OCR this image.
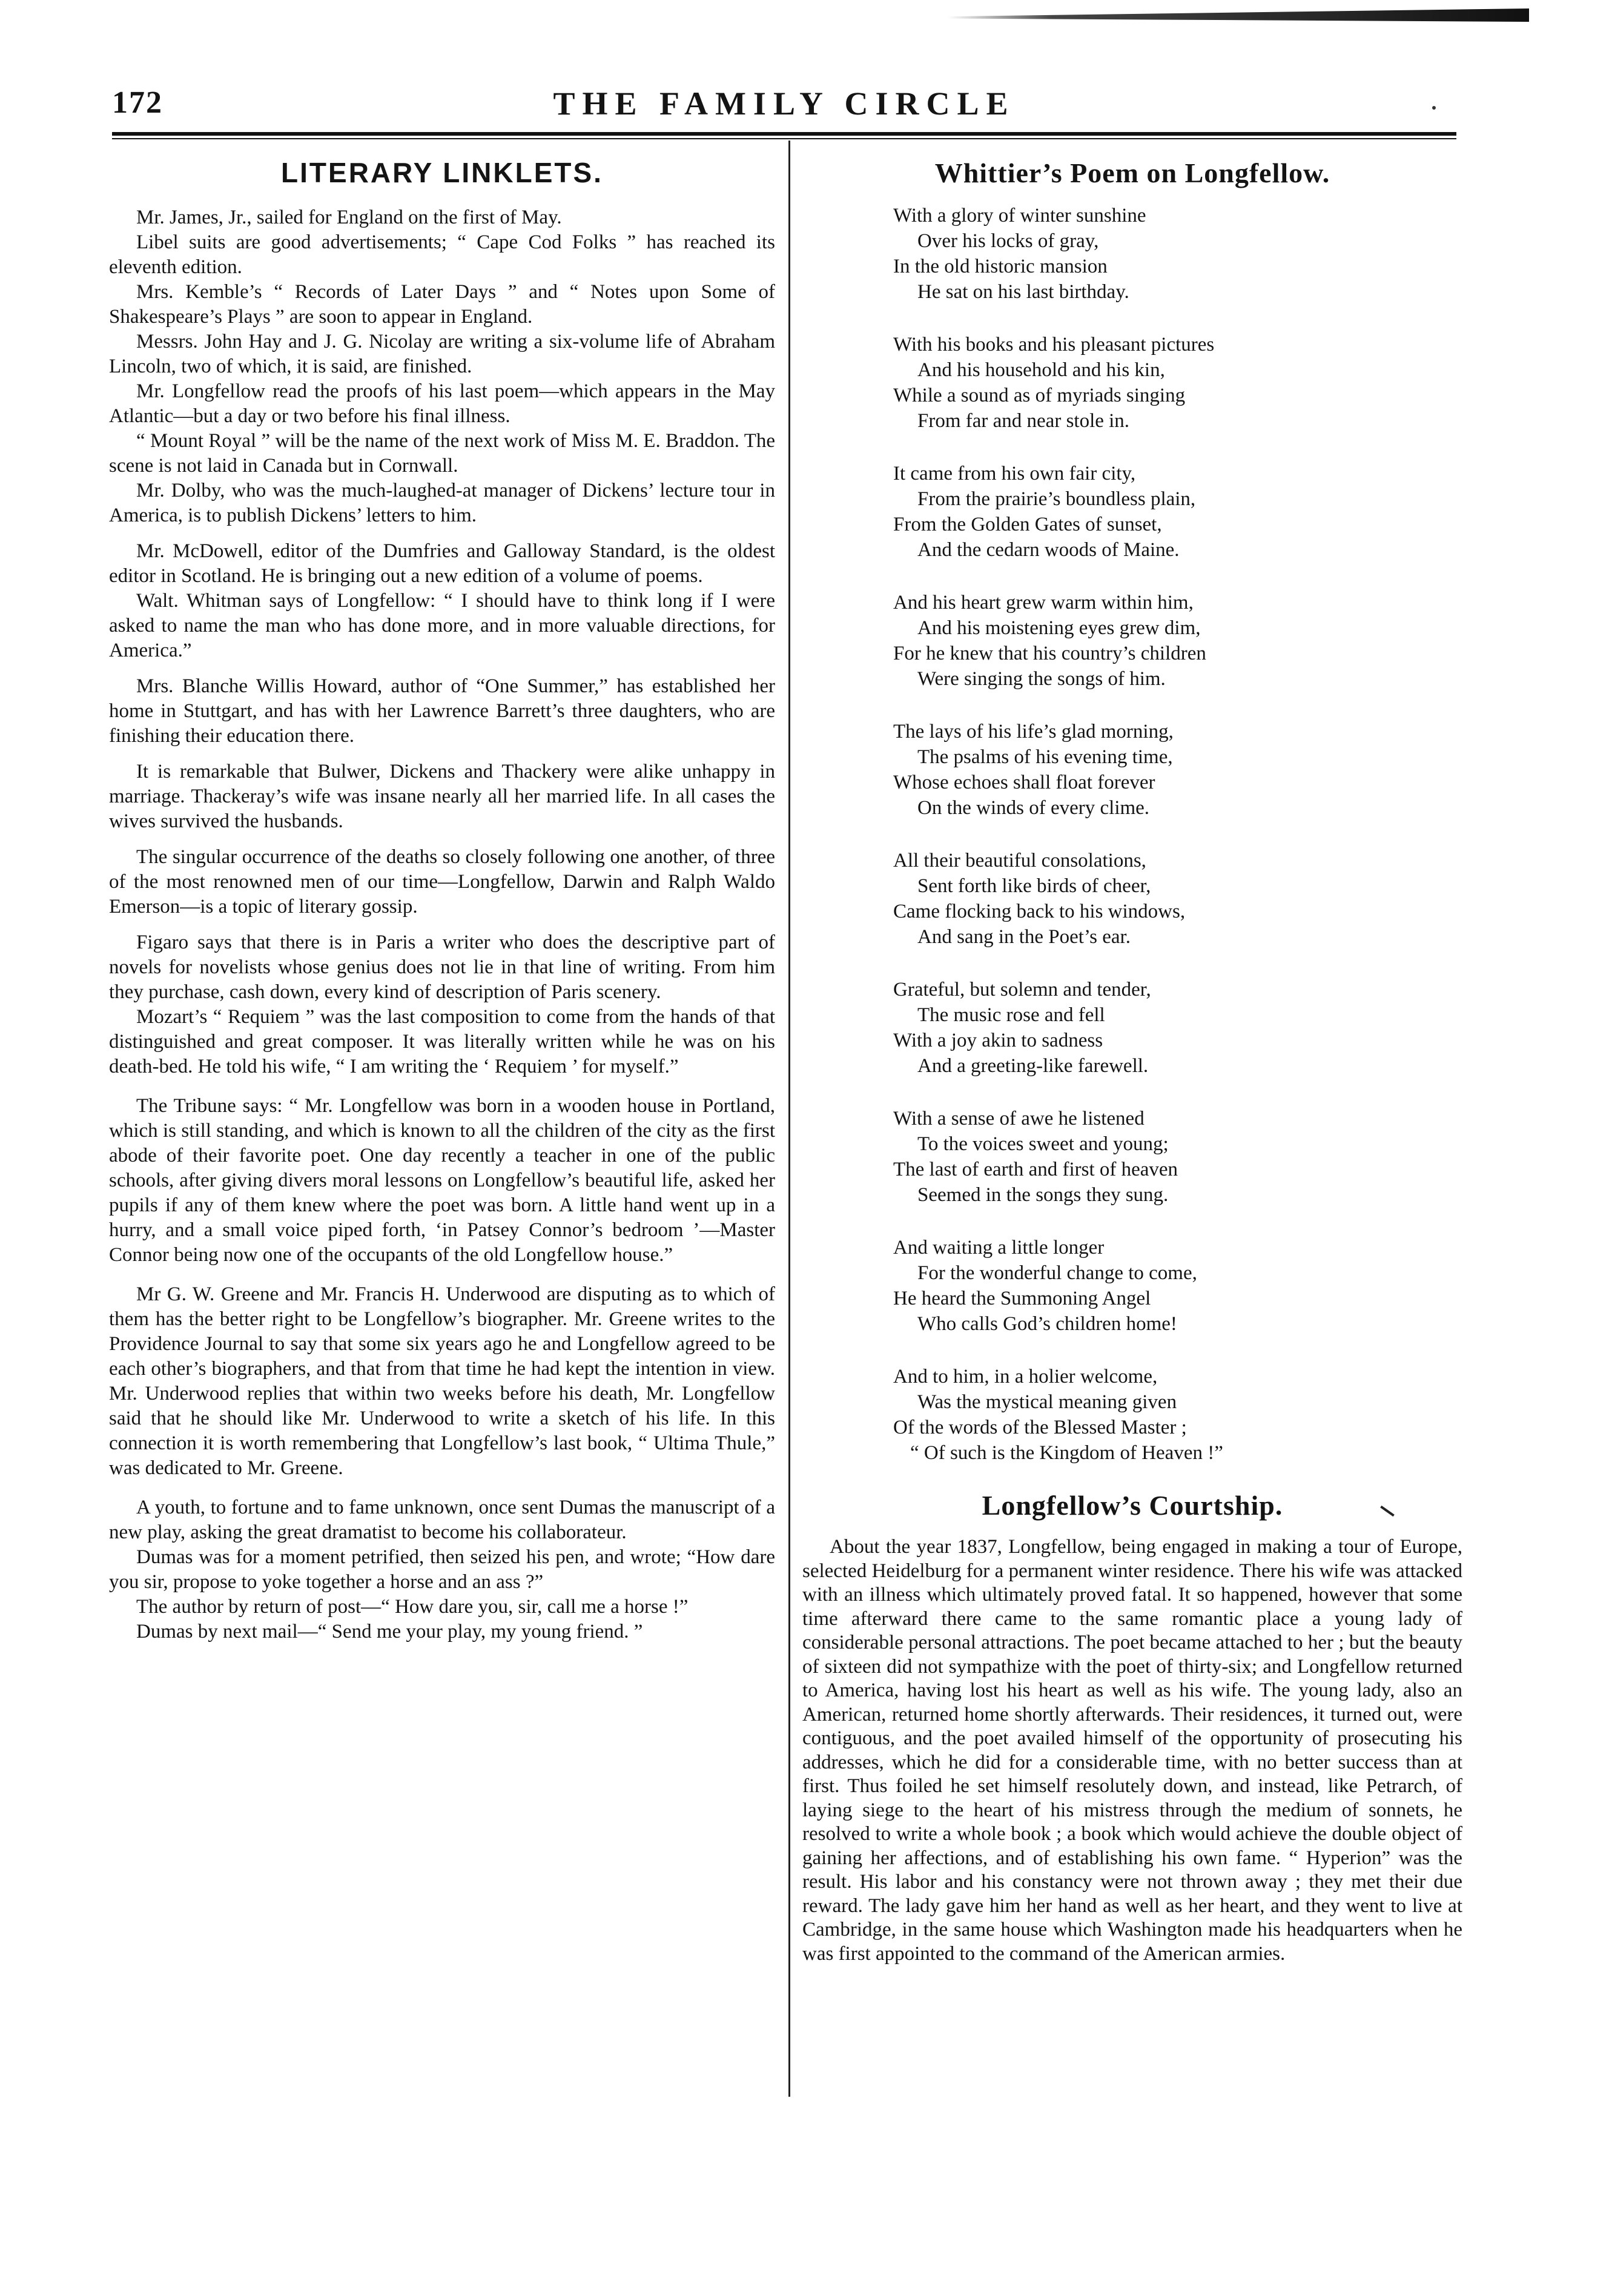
172	THE FAMILY CIRCLE
LITERARY LINKLETS.

Mr. James, Jr., sailed for England on the first of May.

Libel suits are good advertisements; “ Cape Cod Folks ” has reached its eleventh edition.

Mrs. Kemble’s “ Records of Later Days ” and “ Notes upon Some of Shakespeare’s Plays ” are soon to appear in England.

Messrs. John Hay and J. G. Nicolay are writing a six-volume life of Abraham Lincoln, two of which, it is said, are finished.

Mr. Longfellow read the proofs of his last poem—which appears in the May Atlantic—but a day or two before his final illness.

“ Mount Royal ” will be the name of the next work of Miss M. E. Braddon. The scene is not laid in Canada but in Cornwall.

Mr. Dolby, who was the much-laughed-at manager of Dickens’ lecture tour in America, is to publish Dickens’ letters to him.

Mr. McDowell, editor of the Dumfries and Galloway Standard, is the oldest editor in Scotland. He is bringing out a new edition of a volume of poems.

Walt. Whitman says of Longfellow: “ I should have to think long if I were asked to name the man who has done more, and in more valuable directions, for America.”

Mrs. Blanche Willis Howard, author of “One Summer,” has established her home in Stuttgart, and has with her Lawrence Barrett’s three daughters, who are finishing their education there.

It is remarkable that Bulwer, Dickens and Thackery were alike unhappy in marriage. Thackeray’s wife was insane nearly all her married life. In all cases the wives survived the husbands.

The singular occurrence of the deaths so closely following one another, of three of the most renowned men of our time—Longfellow, Darwin and Ralph Waldo Emerson—is a topic of literary gossip.

Figaro says that there is in Paris a writer who does the descriptive part of novels for novelists whose genius does not lie in that line of writing. From him they purchase, cash down, every kind of description of Paris scenery.

Mozart’s “ Requiem ” was the last composition to come from the hands of that distinguished and great composer. It was literally written while he was on his death-bed. He told his wife, “ I am writing the ‘ Requiem ’ for myself.”

The Tribune says: “ Mr. Longfellow was born in a wooden house in Portland, which is still standing, and which is known to all the children of the city as the first abode of their favorite poet. One day recently a teacher in one of the public schools, after giving divers moral lessons on Longfellow’s beautiful life, asked her pupils if any of them knew where the poet was born. A little hand went up in a hurry, and a small voice piped forth, ‘in Patsey Connor’s bedroom ’—Master Connor being now one of the occupants of the old Longfellow house.”

Mr G. W. Greene and Mr. Francis H. Underwood are disputing as to which of them has the better right to be Longfellow’s biographer. Mr. Greene writes to the Providence Journal to say that some six years ago he and Longfellow agreed to be each other’s biographers, and that from that time he had kept the intention in view. Mr. Underwood replies that within two weeks before his death, Mr. Longfellow said that he should like Mr. Underwood to write a sketch of his life. In this connection it is worth remembering that Longfellow’s last book, “ Ultima Thule,” was dedicated to Mr. Greene.

A youth, to fortune and to fame unknown, once sent Dumas the manuscript of a new play, asking the great dramatist to become his collaborateur.

Dumas was for a moment petrified, then seized his pen, and wrote; “How dare you sir, propose to yoke together a horse and an ass ?”

The author by return of post—“ How dare you, sir, call me a horse !”

Dumas by next mail—“ Send me your play, my young friend. ”

Whittier’s Poem on Longfellow.
With a glory of winter sunshine
Over his locks of gray,
In the old historic mansion
He sat on his last birthday.
With his books and his pleasant pictures
And his household and his kin,
While a sound as of myriads singing
From far and near stole in.
It came from his own fair city,
From the prairie’s boundless plain,
From the Golden Gates of sunset,
And the cedarn woods of Maine.
And his heart grew warm within him,
And his moistening eyes grew dim,
For he knew that his country’s children
Were singing the songs of him.
The lays of his life’s glad morning,
The psalms of his evening time,
Whose echoes shall float forever
On the winds of every clime.
All their beautiful consolations,
Sent forth like birds of cheer,
Came flocking back to his windows,
And sang in the Poet’s ear.
Grateful, but solemn and tender,
The music rose and fell
With a joy akin to sadness
And a greeting-like farewell.
With a sense of awe he listened
To the voices sweet and young;
The last of earth and first of heaven
Seemed in the songs they sung.
And waiting a little longer
For the wonderful change to come,
He heard the Summoning Angel
Who calls God’s children home!
And to him, in a holier welcome,
Was the mystical meaning given
Of the words of the Blessed Master ;
“ Of such is the Kingdom of Heaven !”
Longfellow’s Courtship.

About the year 1837, Longfellow, being engaged in making a tour of Europe, selected Heidelburg for a permanent winter residence. There his wife was attacked with an illness which ultimately proved fatal. It so happened, however that some time afterward there came to the same romantic place a young lady of considerable personal attractions. The poet became attached to her ; but the beauty of sixteen did not sympathize with the poet of thirty-six; and Longfellow returned to America, having lost his heart as well as his wife. The young lady, also an American, returned home shortly afterwards. Their residences, it turned out, were contiguous, and the poet availed himself of the opportunity of prosecuting his addresses, which he did for a considerable time, with no better success than at first. Thus foiled he set himself resolutely down, and instead, like Petrarch, of laying siege to the heart of his mistress through the medium of sonnets, he resolved to write a whole book ; a book which would achieve the double object of gaining her affections, and of establishing his own fame. “ Hyperion” was the result. His labor and his constancy were not thrown away ; they met their due reward. The lady gave him her hand as well as her heart, and they went to live at Cambridge, in the same house which Washington made his headquarters when he was first appointed to the command of the American armies.
